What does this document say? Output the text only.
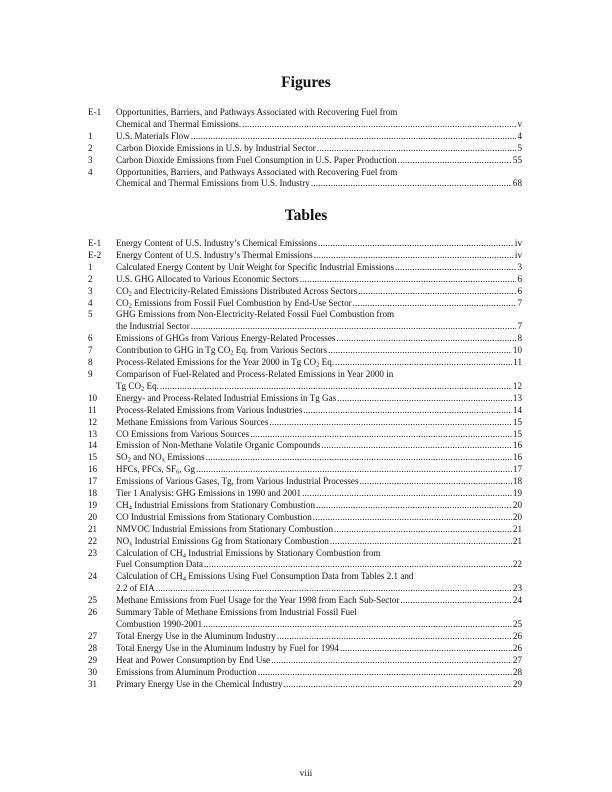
Figures
E-1	Opportunities, Barriers, and Pathways Associated with Recovering Fuel from
Chemical and Thermal Emissions. .....	v
1	U.S. Materials Flow .....	4
2	Carbon Dioxide Emissions in U.S. by Industrial Sector .....	5
3	Carbon Dioxide Emissions from Fuel Consumption in U.S. Paper Production .....	55
4	Opportunities, Barriers, and Pathways Associated with Recovering Fuel from
Chemical and Thermal Emissions from U.S. Industry .....	68
Tables
E-1	Energy Content of U.S. Industry’s Chemical Emissions .....	iv
E-2	Energy Content of U.S. Industry’s Thermal Emissions .....	iv
1	Calculated Energy Content by Unit Weight for Specific Industrial Emissions .....	3
2	U.S. GHG Allocated to Various Economic Sectors .....	6
3	$CO_2$ and Electricity-Related Emissions Distributed Across Sectors .....	6
4	$CO_2$ Emissions from Fossil Fuel Combustion by End-Use Sector .....	7
5	GHG Emissions from Non-Electricity-Related Fossil Fuel Combustion from
the Industrial Sector .....	7
6	Emissions of GHGs from Various Energy-Related Processes .....	8
7	Contribution to GHG in Tg $CO_2$ Eq. from Various Sectors .....	10
8	Process-Related Emissions for the Year 2000 in Tg $CO_2$ Eq. .....	11
9	Comparison of Fuel-Related and Process-Related Emissions in Year 2000 in
Tg $CO_2$ Eq. .....	12
10	Energy- and Process-Related Industrial Emissions in Tg Gas .....	13
11	Process-Related Emissions from Various Industries .....	14
12	Methane Emissions from Various Sources .....	15
13	CO Emissions from Various Sources .....	15
14	Emission of Non-Methane Volatile Organic Compounds .....	16
15	$SO_2$ and $NO_x$ Emissions .....	16
16	HFCs, PFCs, $SF_6$, Gg .....	17
17	Emissions of Various Gases, Tg, from Various Industrial Processes .....	18
18	Tier 1 Analysis: GHG Emissions in 1990 and 2001 .....	19
19	$CH_4$ Industrial Emissions from Stationary Combustion .....	20
20	CO Industrial Emissions from Stationary Combustion .....	20
21	NMVOC Industrial Emissions from Stationary Combustion .....	21
22	$NO_x$ Industrial Emissions Gg from Stationary Combustion .....	21
23	Calculation of $CH_4$ Industrial Emissions by Stationary Combustion from
Fuel Consumption Data .....	22
24	Calculation of $CH_4$ Emissions Using Fuel Consumption Data from Tables 2.1 and
2.2 of EIA .....	23
25	Methane Emissions from Fuel Usage for the Year 1998 from Each Sub-Sector .....	24
26	Summary Table of Methane Emissions from Industrial Fossil Fuel
Combustion 1990-2001 .....	25
27	Total Energy Use in the Aluminum Industry .....	26
28	Total Energy Use in the Aluminum Industry by Fuel for 1994 .....	26
29	Heat and Power Consumption by End Use .....	27
30	Emissions from Aluminum Production .....	28
31	Primary Energy Use in the Chemical Industry .....	29
viii
